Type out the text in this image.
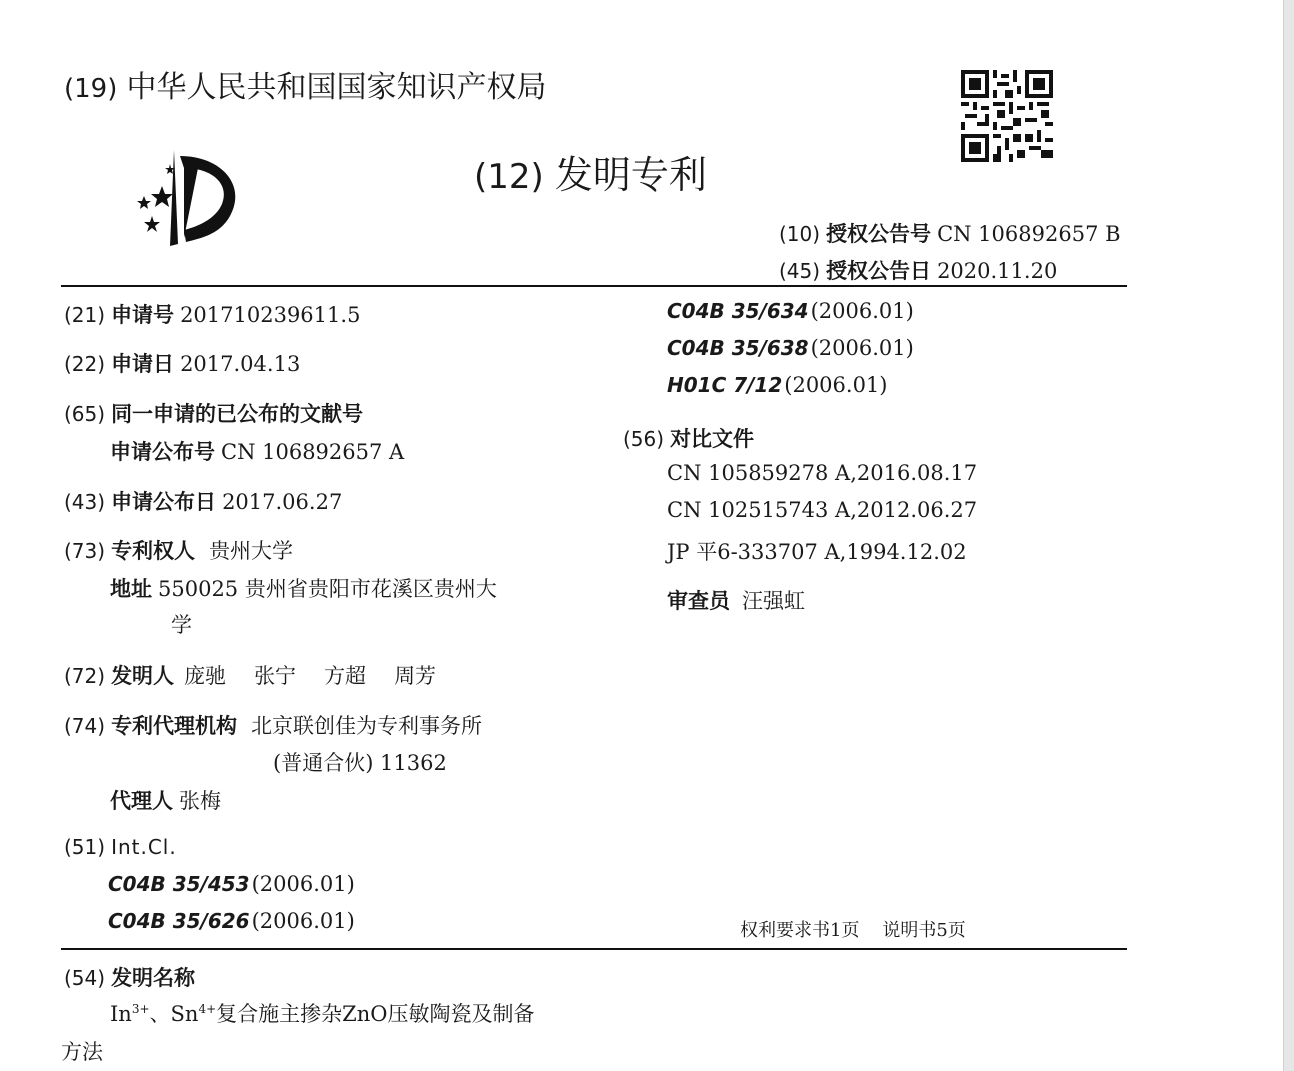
(19) 中华人民共和国国家知识产权局
(12) 发明专利
(10) 授权公告号 CN 106892657 B
(45) 授权公告日 2020.11.20
(21) 申请号 201710239611.5
(22) 申请日 2017.04.13
(65) 同一申请的已公布的文献号
申请公布号 CN 106892657 A
(43) 申请公布日 2017.06.27
(73) 专利权人 贵州大学
地址 550025 贵州省贵阳市花溪区贵州大
学
(72) 发明人 庞驰 张宁 方超 周芳
(74) 专利代理机构 北京联创佳为专利事务所
(普通合伙) 11362
代理人 张梅
(51) Int.Cl.
C04B 35/453 (2006.01)
C04B 35/626 (2006.01)
C04B 35/634 (2006.01)
C04B 35/638 (2006.01)
H01C 7/12 (2006.01)
(56) 对比文件
CN 105859278 A,2016.08.17
CN 102515743 A,2012.06.27
JP 平6-333707 A,1994.12.02
审查员 汪强虹
权利要求书1页    说明书5页
(54) 发明名称
$In^{3+}$、$Sn^{4+}$复合施主掺杂ZnO压敏陶瓷及制备
方法
